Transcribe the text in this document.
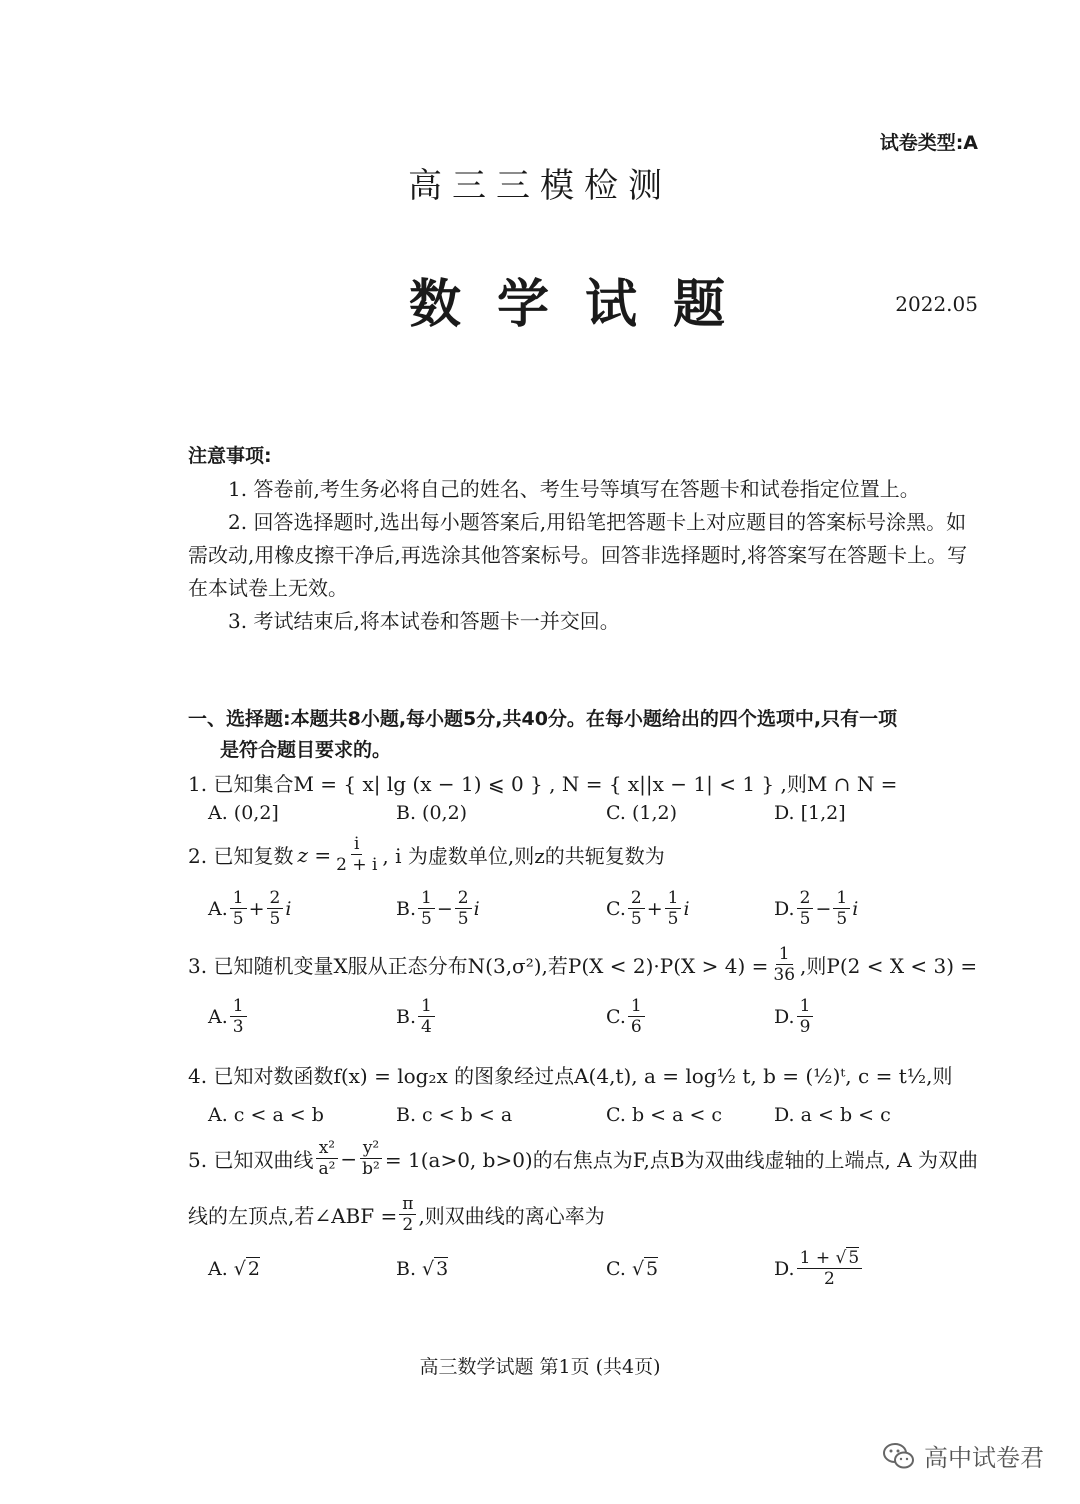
试卷类型:A
高三三模检测
数学试题	2022.05
注意事项:

1. 答卷前,考生务必将自己的姓名、考生号等填写在答题卡和试卷指定位置上。

2. 回答选择题时,选出每小题答案后,用铅笔把答题卡上对应题目的答案标号涂黑。如需改动,用橡皮擦干净后,再选涂其他答案标号。回答非选择题时,将答案写在答题卡上。写在本试卷上无效。

3. 考试结束后,将本试卷和答题卡一并交回。

一、选择题:本题共8小题,每小题5分,共40分。在每小题给出的四个选项中,只有一项
是符合题目要求的。
1. 已知集合M = { x| lg (x − 1) ⩽ 0 } , N = { x||x − 1| < 1 } ,则M ∩ N =
A. (0,2]	B. (0,2)	C. (1,2)	D. [1,2]
2. 已知复数 $z = \frac{i}{2 + i}$ , i 为虚数单位,则z的共轭复数为
A. $\frac{1}{5} + \frac{2}{5}$ i	B. $\frac{1}{5} - \frac{2}{5}$ i	C. $\frac{2}{5} + \frac{1}{5}$ i	D. $\frac{2}{5} - \frac{1}{5}$ i
3. 已知随机变量X服从正态分布N(3,σ²),若$P(X < 2)\cdot P(X > 4) = \frac{1}{36}$ ,则P(2 < X < 3) =
A. $\frac{1}{3}$	B. $\frac{1}{4}$	C. $\frac{1}{6}$	D. $\frac{1}{9}$
4. 已知对数函数f(x) = log₂x 的图象经过点A(4,t), a = log½ t, b = (½)ᵗ, c = t½,则
A. c < a < b	B. c < b < a	C. b < a < c	D. a < b < c
5. 已知双曲线 $\frac{\text{x²}}{\text{a²}} - \frac{\text{y²}}{\text{b²}} = 1(a>0$, b>0)的右焦点为F,点B为双曲线虚轴的上端点, A 为双曲
线的左顶点,若∠ABF = $\frac{\pi}{2}$ ,则双曲线的离心率为
A. √ 2	B. √ 3	C. √ 5	D. $\frac{1 + √ 5}{2}$
高三数学试题 第1页 (共4页)
高中试卷君
